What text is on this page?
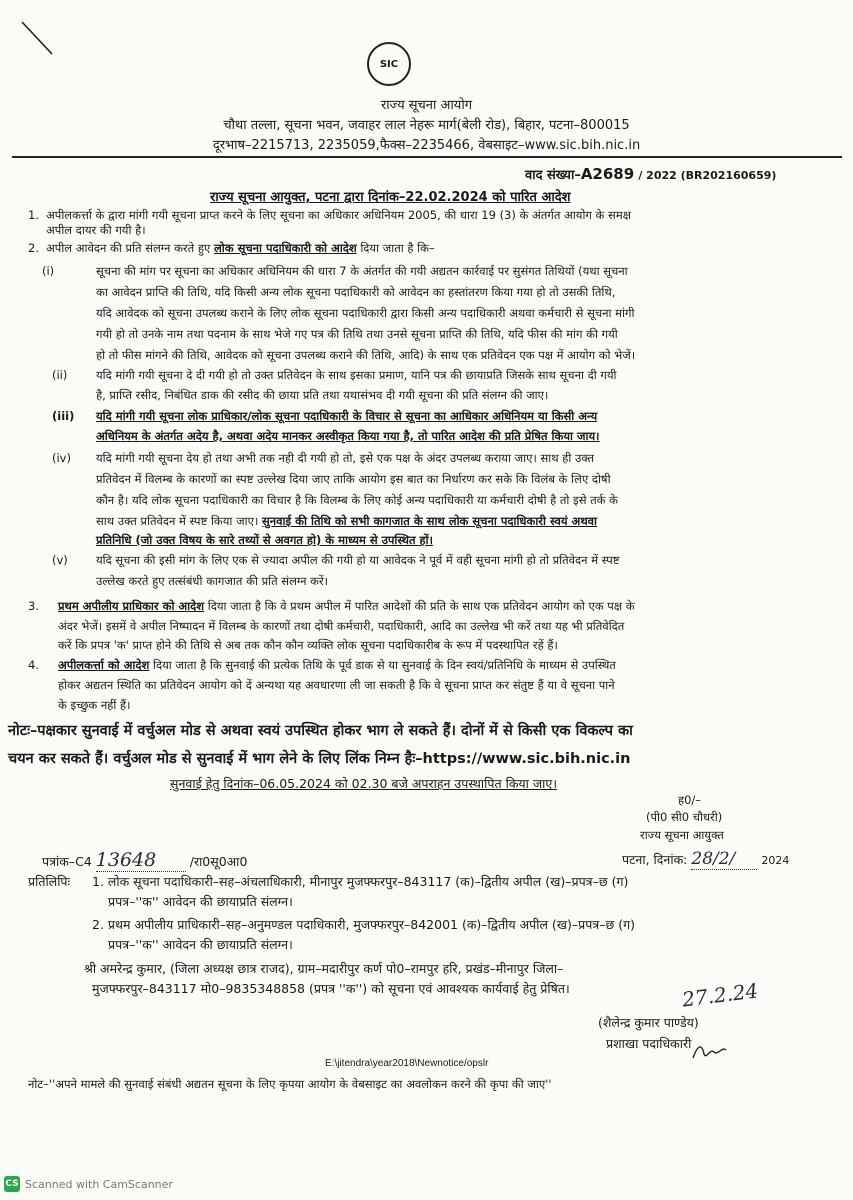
SIC
राज्य सूचना आयोग
चौथा तल्ला, सूचना भवन, जवाहर लाल नेहरू मार्ग(बेली रोड), बिहार, पटना–800015
दूरभाष–2215713, 2235059,फैक्स–2235466, वेबसाइट–www.sic.bih.nic.in
वाद संख्या–A2689 / 2022 (BR202160659)
राज्य सूचना आयुक्त, पटना द्वारा दिनांक–22.02.2024 को पारित आदेश
1. अपीलकर्त्ता के द्वारा मांगी गयी सूचना प्राप्त करने के लिए सूचना का अधिकार अधिनियम 2005, की धारा 19 (3) के अंतर्गत आयोग के समक्ष
अपील दायर की गयी है।
2. अपील आवेदन की प्रति संलग्न करते हुए लोक सूचना पदाधिकारी को आदेश दिया जाता है कि–
(i)	सूचना की मांग पर सूचना का अधिकार अधिनियम की धारा 7 के अंतर्गत की गयी अद्यतन कार्रवाई पर सुसंगत तिथियों (यथा सूचना
का आवेदन प्राप्ति की तिथि, यदि किसी अन्य लोक सूचना पदाधिकारी को आवेदन का हस्तांतरण किया गया हो तो उसकी तिथि,
यदि आवेदक को सूचना उपलब्ध कराने के लिए लोक सूचना पदाधिकारी द्वारा किसी अन्य पदाधिकारी अथवा कर्मचारी से सूचना मांगी
गयी हो तो उनके नाम तथा पदनाम के साथ भेजे गए पत्र की तिथि तथा उनसे सूचना प्राप्ति की तिथि, यदि फीस की मांग की गयी
हो तो फीस मांगने की तिथि, आवेदक को सूचना उपलब्ध कराने की तिथि, आदि) के साथ एक प्रतिवेदन एक पक्ष में आयोग को भेजें।
(ii) यदि मांगी गयी सूचना दे दी गयी हो तो उक्त प्रतिवेदन के साथ इसका प्रमाण, यानि पत्र की छायाप्रति जिसके साथ सूचना दी गयी
है, प्राप्ति रसीद, निबंधित डाक की रसीद की छाया प्रति तथा यथासंभव दी गयी सूचना की प्रति संलग्न की जाए।
(iii) यदि मांगी गयी सूचना लोक प्राधिकार/लोक सूचना पदाधिकारी के विचार से सूचना का आधिकार अधिनियम या किसी अन्य
अधिनियम के अंतर्गत अदेय है, अथवा अदेय मानकर अस्वीकृत किया गया है, तो पारित आदेश की प्रति प्रेषित किया जाय।
(iv) यदि मांगी गयी सूचना देय हो तथा अभी तक नही दी गयी हो तो, इसे एक पक्ष के अंदर उपलब्ध कराया जाए। साथ ही उक्त
प्रतिवेदन में विलम्ब के कारणों का स्पष्ट उल्लेख दिया जाए ताकि आयोग इस बात का निर्धारण कर सके कि विलंब के लिए दोषी
कौन है। यदि लोक सूचना पदाधिकारी का विचार है कि विलम्ब के लिए कोई अन्य पदाधिकारी या कर्मचारी दोषी है तो इसे तर्क के
साथ उक्त प्रतिवेदन में स्पष्ट किया जाए। सुनवाई की तिथि को सभी कागजात के साथ लोक सूचना पदाधिकारी स्वयं अथवा
प्रतिनिधि (जो उक्त विषय के सारे तथ्यों से अवगत हो) के माध्यम से उपस्थित हों।
(v) यदि सूचना की इसी मांग के लिए एक से ज्यादा अपील की गयी हो या आवेदक ने पूर्व में वही सूचना मांगी हो तो प्रतिवेदन में स्पष्ट
उल्लेख करते हुए तत्संबंधी कागजात की प्रति संलग्न करें।
3. प्रथम अपीलीय प्राधिकार को आदेश दिया जाता है कि वे प्रथम अपील में पारित आदेशों की प्रति के साथ एक प्रतिवेदन आयोग को एक पक्ष के
अंदर भेजें। इसमें वे अपील निष्पादन में विलम्ब के कारणों तथा दोषी कर्मचारी, पदाधिकारी, आदि का उल्लेख भी करें तथा यह भी प्रतिवेदित
करें कि प्रपत्र 'क' प्राप्त होने की तिथि से अब तक कौन कौन व्यक्ति लोक सूचना पदाधिकारीब के रूप में पदस्थापित रहें हैं।
4. अपीलकर्त्ता को आदेश दिया जाता है कि सुनवाई की प्रत्येक तिथि के पूर्व डाक से या सुनवाई के दिन स्वयं/प्रतिनिधि के माध्यम से उपस्थित
होकर अद्यतन स्थिति का प्रतिवेदन आयोग को दें अन्यथा यह अवधारणा ली जा सकती है कि वे सूचना प्राप्त कर संतुष्ट हैं या वे सूचना पाने
के इच्छुक नहीं हैं।
नोटः–पक्षकार सुनवाई में वर्चुअल मोड से अथवा स्वयं उपस्थित होकर भाग ले सकते हैं। दोनों में से किसी एक विकल्प का
चयन कर सकते हैं। वर्चुअल मोड से सुनवाई में भाग लेने के लिए लिंक निम्न हैः–https://www.sic.bih.nic.in
सुनवाई हेतु दिनांक–06.05.2024 को 02.30 बजे अपराहन उपस्थापित किया जाए।
ह0/–
(पी0 सी0 चौधरी)
राज्य सूचना आयुक्त
पत्रांक–C4 13648	/रा0सू0आ0	पटना, दिनांक: 28/2/ 2024
प्रतिलिपिः 1. लोक सूचना पदाधिकारी–सह–अंचलाधिकारी, मीनापुर मुजफ्फरपुर–843117 (क)–द्वितीय अपील (ख)–प्रपत्र–छ (ग)
प्रपत्र–''क'' आवेदन की छायाप्रति संलग्न।
2. प्रथम अपीलीय प्राधिकारी–सह–अनुमण्डल पदाधिकारी, मुजफ्फरपुर–842001 (क)–द्वितीय अपील (ख)–प्रपत्र–छ (ग)
प्रपत्र–''क'' आवेदन की छायाप्रति संलग्न।
श्री अमरेन्द्र कुमार, (जिला अध्यक्ष छात्र राजद), ग्राम–मदारीपुर कर्ण पो0–रामपुर हरि, प्रखंड–मीनापुर जिला–
मुजफ्फरपुर–843117 मो0–9835348858 (प्रपत्र ''क'') को सूचना एवं आवश्यक कार्यवाई हेतु प्रेषित।	27.2.24
(शैलेन्द्र कुमार पाण्डेय)
प्रशाखा पदाधिकारी
E:\jitendra\year2018\Newnotice/opslr
नोट–''अपने मामले की सुनवाई संबंधी अद्यतन सूचना के लिए कृपया आयोग के वेबसाइट का अवलोकन करने की कृपा की जाए''
CS Scanned with CamScanner
